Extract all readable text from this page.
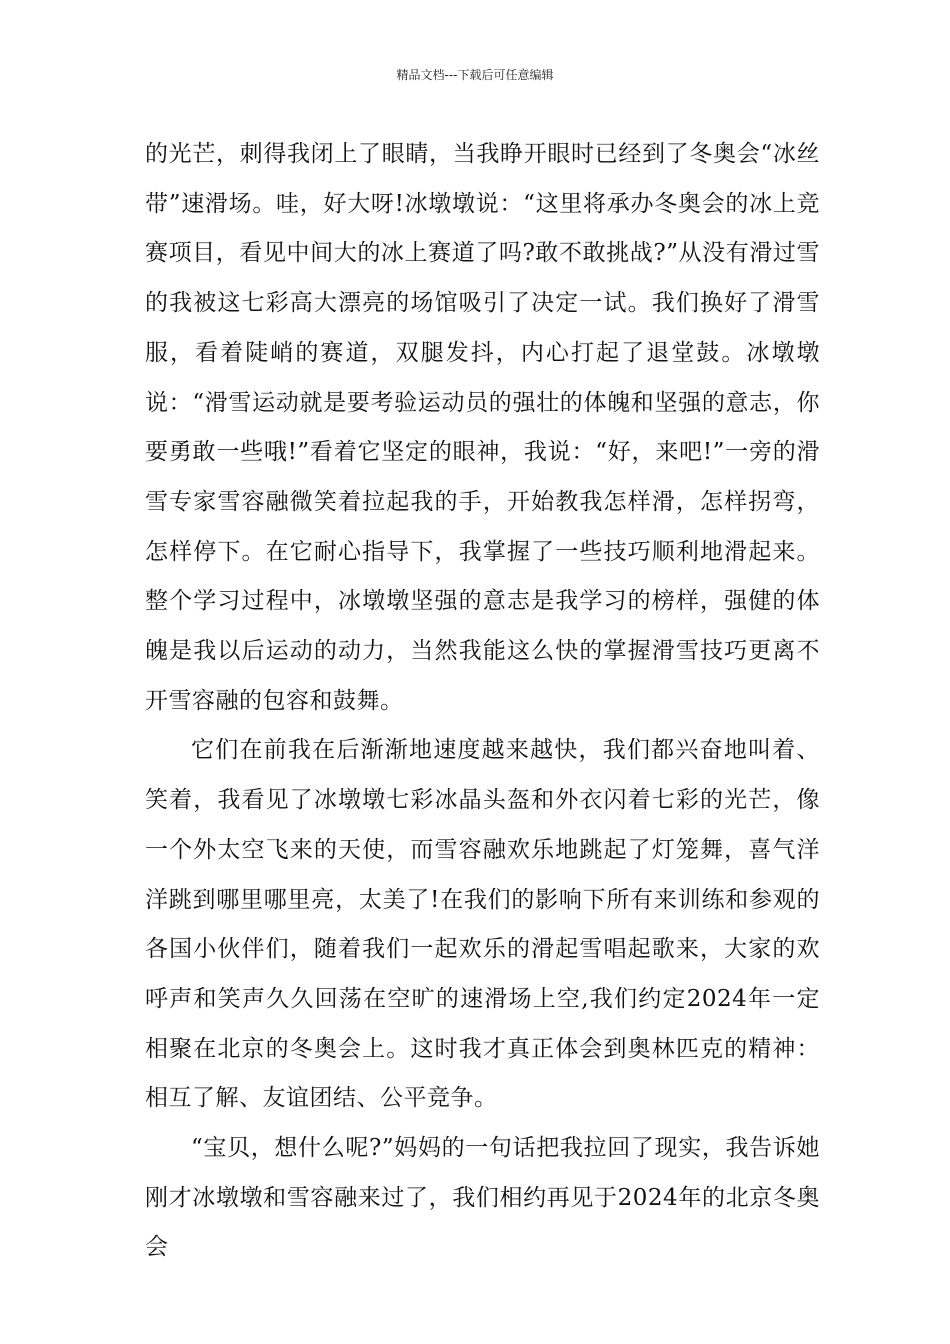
精品文档---下载后可任意编辑

的光芒，刺得我闭上了眼睛，当我睁开眼时已经到了冬奥会“冰丝带”速滑场。哇，好大呀!冰墩墩说：“这里将承办冬奥会的冰上竞赛项目，看见中间大的冰上赛道了吗?敢不敢挑战?”从没有滑过雪的我被这七彩高大漂亮的场馆吸引了决定一试。我们换好了滑雪服，看着陡峭的赛道，双腿发抖，内心打起了退堂鼓。冰墩墩说：“滑雪运动就是要考验运动员的强壮的体魄和坚强的意志，你要勇敢一些哦!”看着它坚定的眼神，我说：“好，来吧!”一旁的滑雪专家雪容融微笑着拉起我的手，开始教我怎样滑，怎样拐弯，怎样停下。在它耐心指导下，我掌握了一些技巧顺利地滑起来。整个学习过程中，冰墩墩坚强的意志是我学习的榜样，强健的体魄是我以后运动的动力，当然我能这么快的掌握滑雪技巧更离不开雪容融的包容和鼓舞。

它们在前我在后渐渐地速度越来越快，我们都兴奋地叫着、笑着，我看见了冰墩墩七彩冰晶头盔和外衣闪着七彩的光芒，像一个外太空飞来的天使，而雪容融欢乐地跳起了灯笼舞，喜气洋洋跳到哪里哪里亮，太美了!在我们的影响下所有来训练和参观的各国小伙伴们，随着我们一起欢乐的滑起雪唱起歌来，大家的欢呼声和笑声久久回荡在空旷的速滑场上空,我们约定2024年一定相聚在北京的冬奥会上。这时我才真正体会到奥林匹克的精神：相互了解、友谊团结、公平竞争。

“宝贝，想什么呢?”妈妈的一句话把我拉回了现实，我告诉她刚才冰墩墩和雪容融来过了，我们相约再见于2024年的北京冬奥会
